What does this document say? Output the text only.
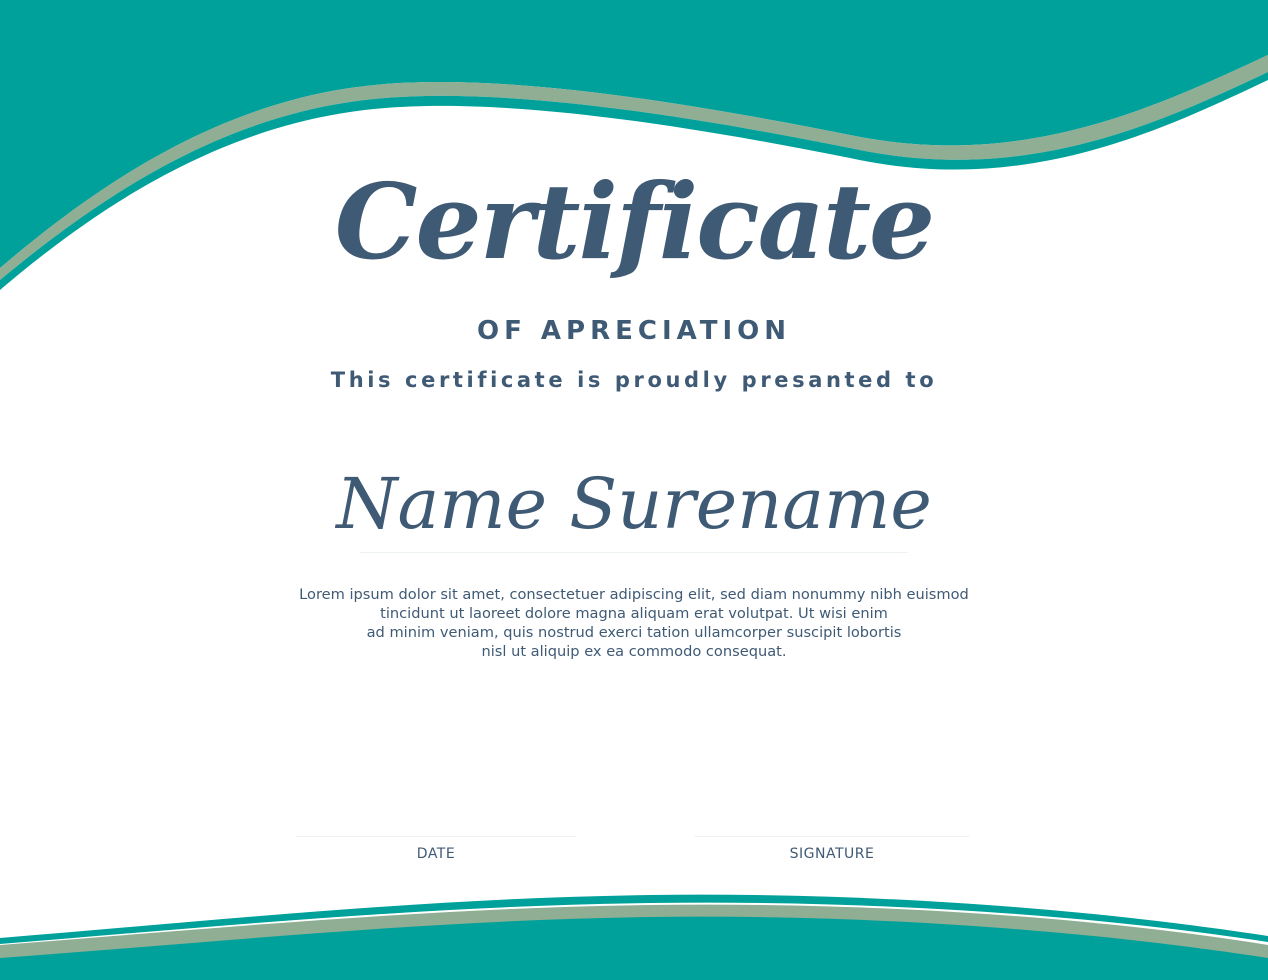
Certificate
OF APRECIATION
This certificate is proudly presanted to
Name Surename
Lorem ipsum dolor sit amet, consectetuer adipiscing elit, sed diam nonummy nibh euismod
tincidunt ut laoreet dolore magna aliquam erat volutpat. Ut wisi enim
ad minim veniam, quis nostrud exerci tation ullamcorper suscipit lobortis
nisl ut aliquip ex ea commodo consequat.
DATE	SIGNATURE
